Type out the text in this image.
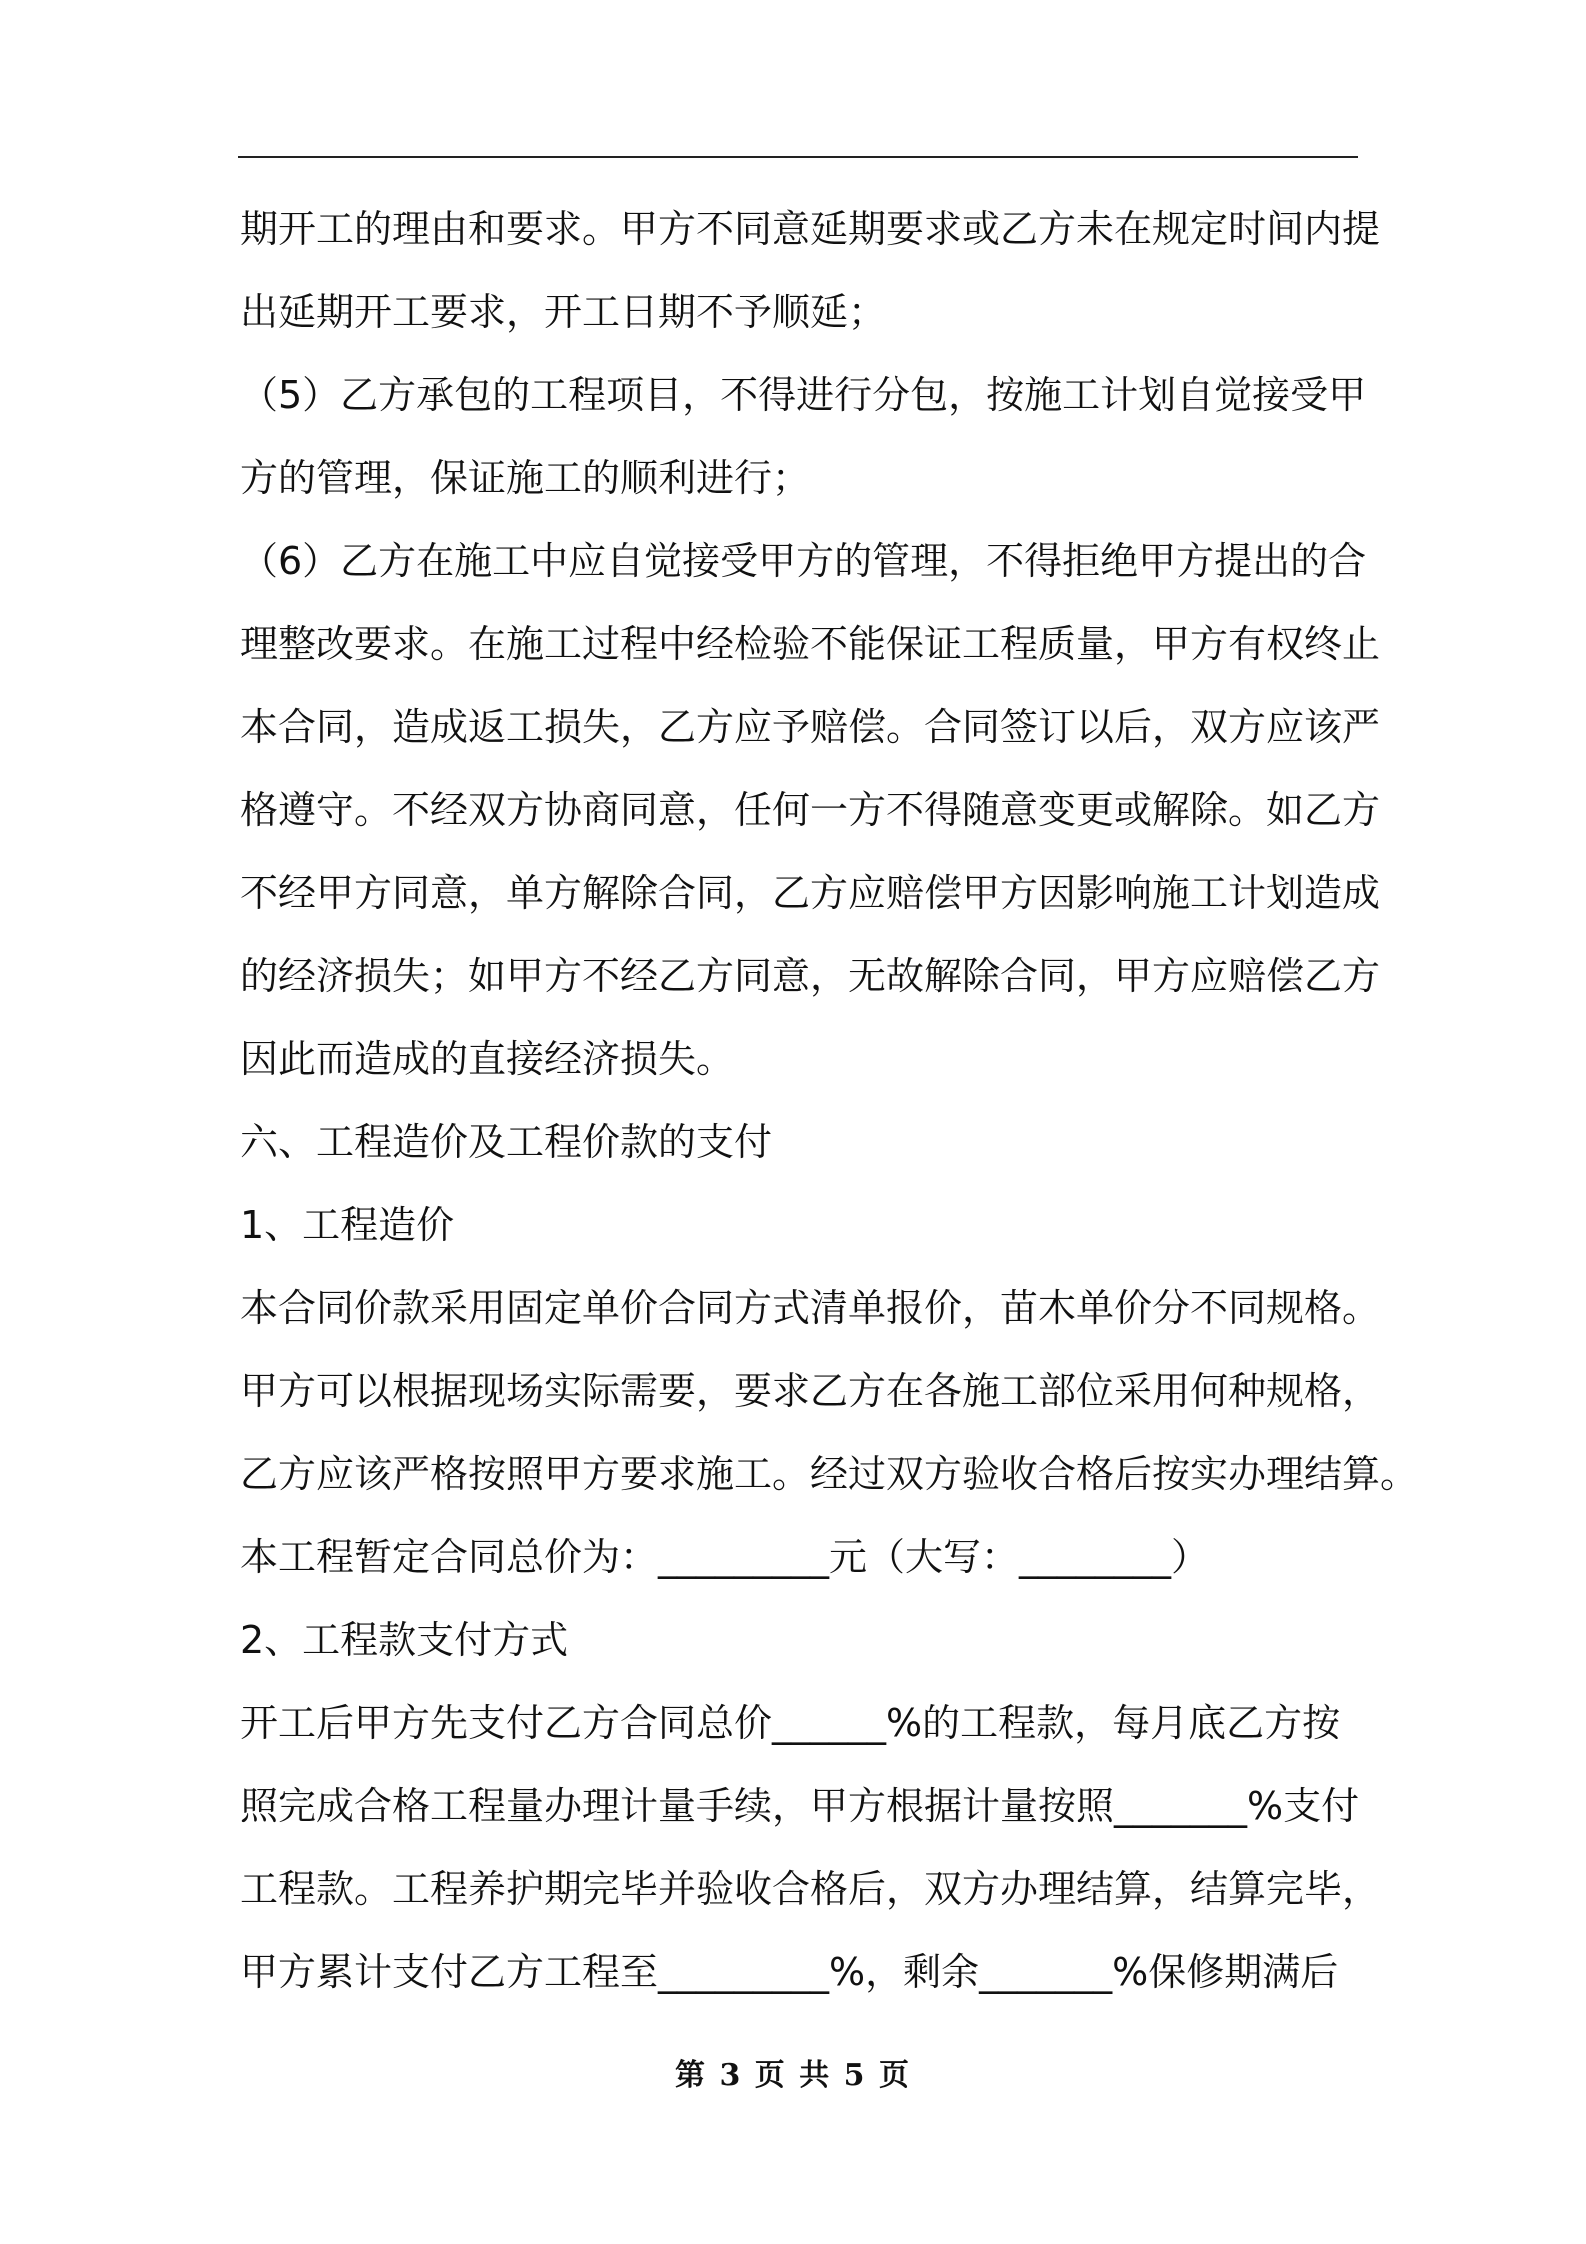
期开工的理由和要求。甲方不同意延期要求或乙方未在规定时间内提
出延期开工要求，开工日期不予顺延；
（5）乙方承包的工程项目，不得进行分包，按施工计划自觉接受甲
方的管理，保证施工的顺利进行；
（6）乙方在施工中应自觉接受甲方的管理，不得拒绝甲方提出的合
理整改要求。在施工过程中经检验不能保证工程质量，甲方有权终止
本合同，造成返工损失，乙方应予赔偿。合同签订以后，双方应该严
格遵守。不经双方协商同意，任何一方不得随意变更或解除。如乙方
不经甲方同意，单方解除合同，乙方应赔偿甲方因影响施工计划造成
的经济损失；如甲方不经乙方同意，无故解除合同，甲方应赔偿乙方
因此而造成的直接经济损失。
六、工程造价及工程价款的支付
1、工程造价
本合同价款采用固定单价合同方式清单报价，苗木单价分不同规格。
甲方可以根据现场实际需要，要求乙方在各施工部位采用何种规格，
乙方应该严格按照甲方要求施工。经过双方验收合格后按实办理结算。
本工程暂定合同总价为：_________元（大写：________）
2、工程款支付方式
开工后甲方先支付乙方合同总价______%的工程款，每月底乙方按
照完成合格工程量办理计量手续，甲方根据计量按照_______%支付
工程款。工程养护期完毕并验收合格后，双方办理结算，结算完毕，
甲方累计支付乙方工程至_________%，剩余_______%保修期满后
第 3 页 共 5 页
